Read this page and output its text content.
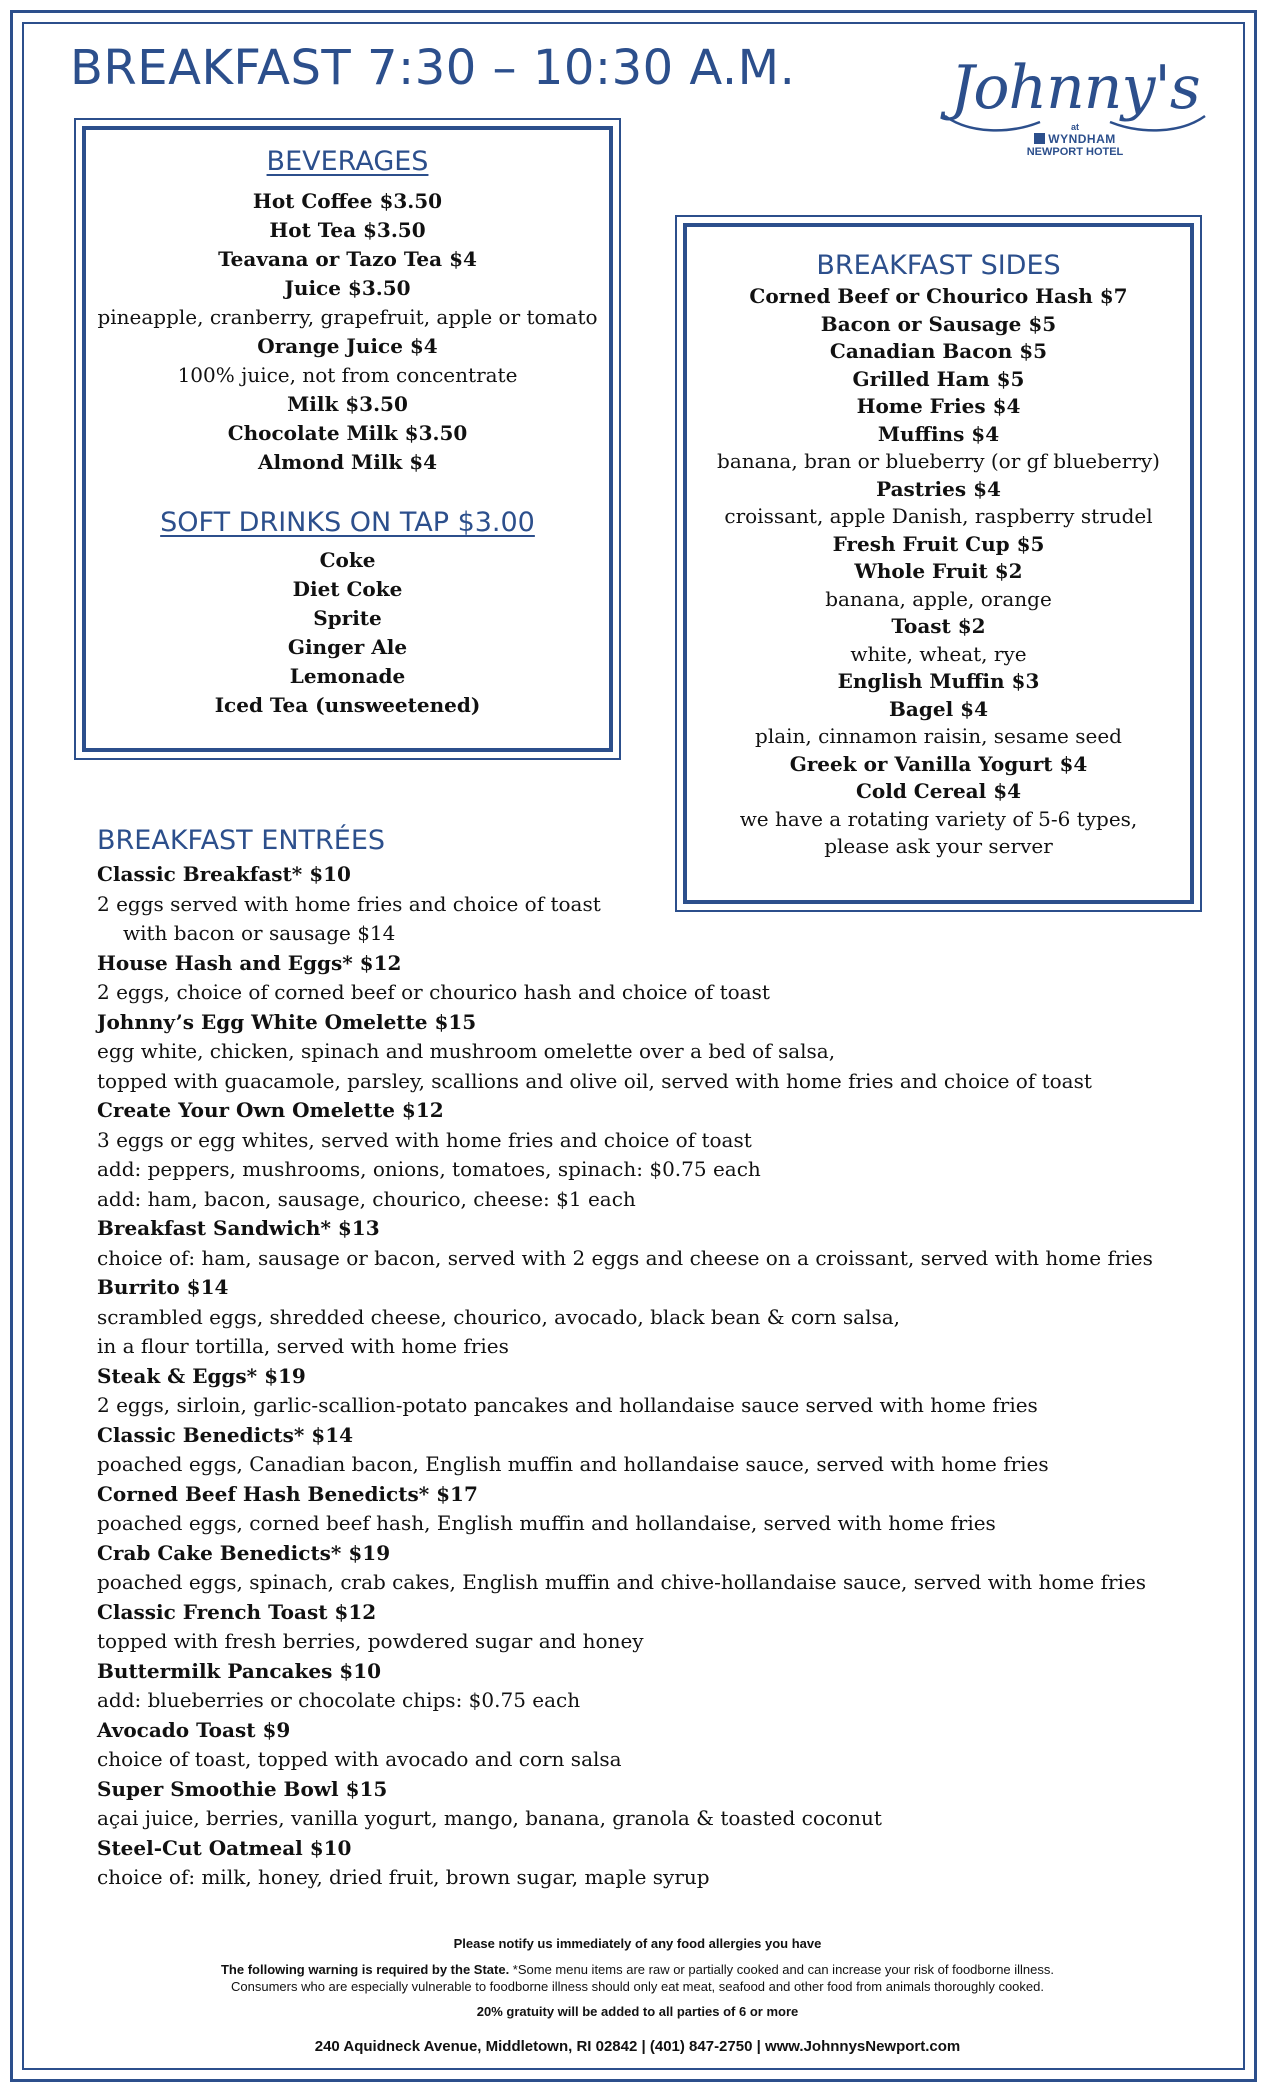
BREAKFAST 7:30 – 10:30 A.M.	Johnny's
at
WYNDHAM
NEWPORT HOTEL
BEVERAGES

Hot Coffee $3.50

Hot Tea $3.50

Teavana or Tazo Tea $4

Juice $3.50

pineapple, cranberry, grapefruit, apple or tomato

Orange Juice $4

100% juice, not from concentrate

Milk $3.50

Chocolate Milk $3.50

Almond Milk $4

SOFT DRINKS ON TAP $3.00

Coke

Diet Coke

Sprite

Ginger Ale

Lemonade

Iced Tea (unsweetened)

BREAKFAST SIDES

Corned Beef or Chourico Hash $7

Bacon or Sausage $5

Canadian Bacon $5

Grilled Ham $5

Home Fries $4

Muffins $4

banana, bran or blueberry (or gf blueberry)

Pastries $4

croissant, apple Danish, raspberry strudel

Fresh Fruit Cup $5

Whole Fruit $2

banana, apple, orange

Toast $2

white, wheat, rye

English Muffin $3

Bagel $4

plain, cinnamon raisin, sesame seed

Greek or Vanilla Yogurt $4

Cold Cereal $4

we have a rotating variety of 5-6 types,

please ask your server

BREAKFAST ENTRÉES

Classic Breakfast* $10

2 eggs served with home fries and choice of toast

with bacon or sausage $14

House Hash and Eggs* $12

2 eggs, choice of corned beef or chourico hash and choice of toast

Johnny’s Egg White Omelette $15

egg white, chicken, spinach and mushroom omelette over a bed of salsa,

topped with guacamole, parsley, scallions and olive oil, served with home fries and choice of toast

Create Your Own Omelette $12

3 eggs or egg whites, served with home fries and choice of toast

add: peppers, mushrooms, onions, tomatoes, spinach: $0.75 each

add: ham, bacon, sausage, chourico, cheese: $1 each

Breakfast Sandwich* $13

choice of: ham, sausage or bacon, served with 2 eggs and cheese on a croissant, served with home fries

Burrito $14

scrambled eggs, shredded cheese, chourico, avocado, black bean & corn salsa,

in a flour tortilla, served with home fries

Steak & Eggs* $19

2 eggs, sirloin, garlic-scallion-potato pancakes and hollandaise sauce served with home fries

Classic Benedicts* $14

poached eggs, Canadian bacon, English muffin and hollandaise sauce, served with home fries

Corned Beef Hash Benedicts* $17

poached eggs, corned beef hash, English muffin and hollandaise, served with home fries

Crab Cake Benedicts* $19

poached eggs, spinach, crab cakes, English muffin and chive-hollandaise sauce, served with home fries

Classic French Toast $12

topped with fresh berries, powdered sugar and honey

Buttermilk Pancakes $10

add: blueberries or chocolate chips: $0.75 each

Avocado Toast $9

choice of toast, topped with avocado and corn salsa

Super Smoothie Bowl $15

açai juice, berries, vanilla yogurt, mango, banana, granola & toasted coconut

Steel-Cut Oatmeal $10

choice of: milk, honey, dried fruit, brown sugar, maple syrup

Please notify us immediately of any food allergies you have

The following warning is required by the State. *Some menu items are raw or partially cooked and can increase your risk of foodborne illness.

Consumers who are especially vulnerable to foodborne illness should only eat meat, seafood and other food from animals thoroughly cooked.

20% gratuity will be added to all parties of 6 or more

240 Aquidneck Avenue, Middletown, RI 02842 | (401) 847-2750 | www.JohnnysNewport.com
